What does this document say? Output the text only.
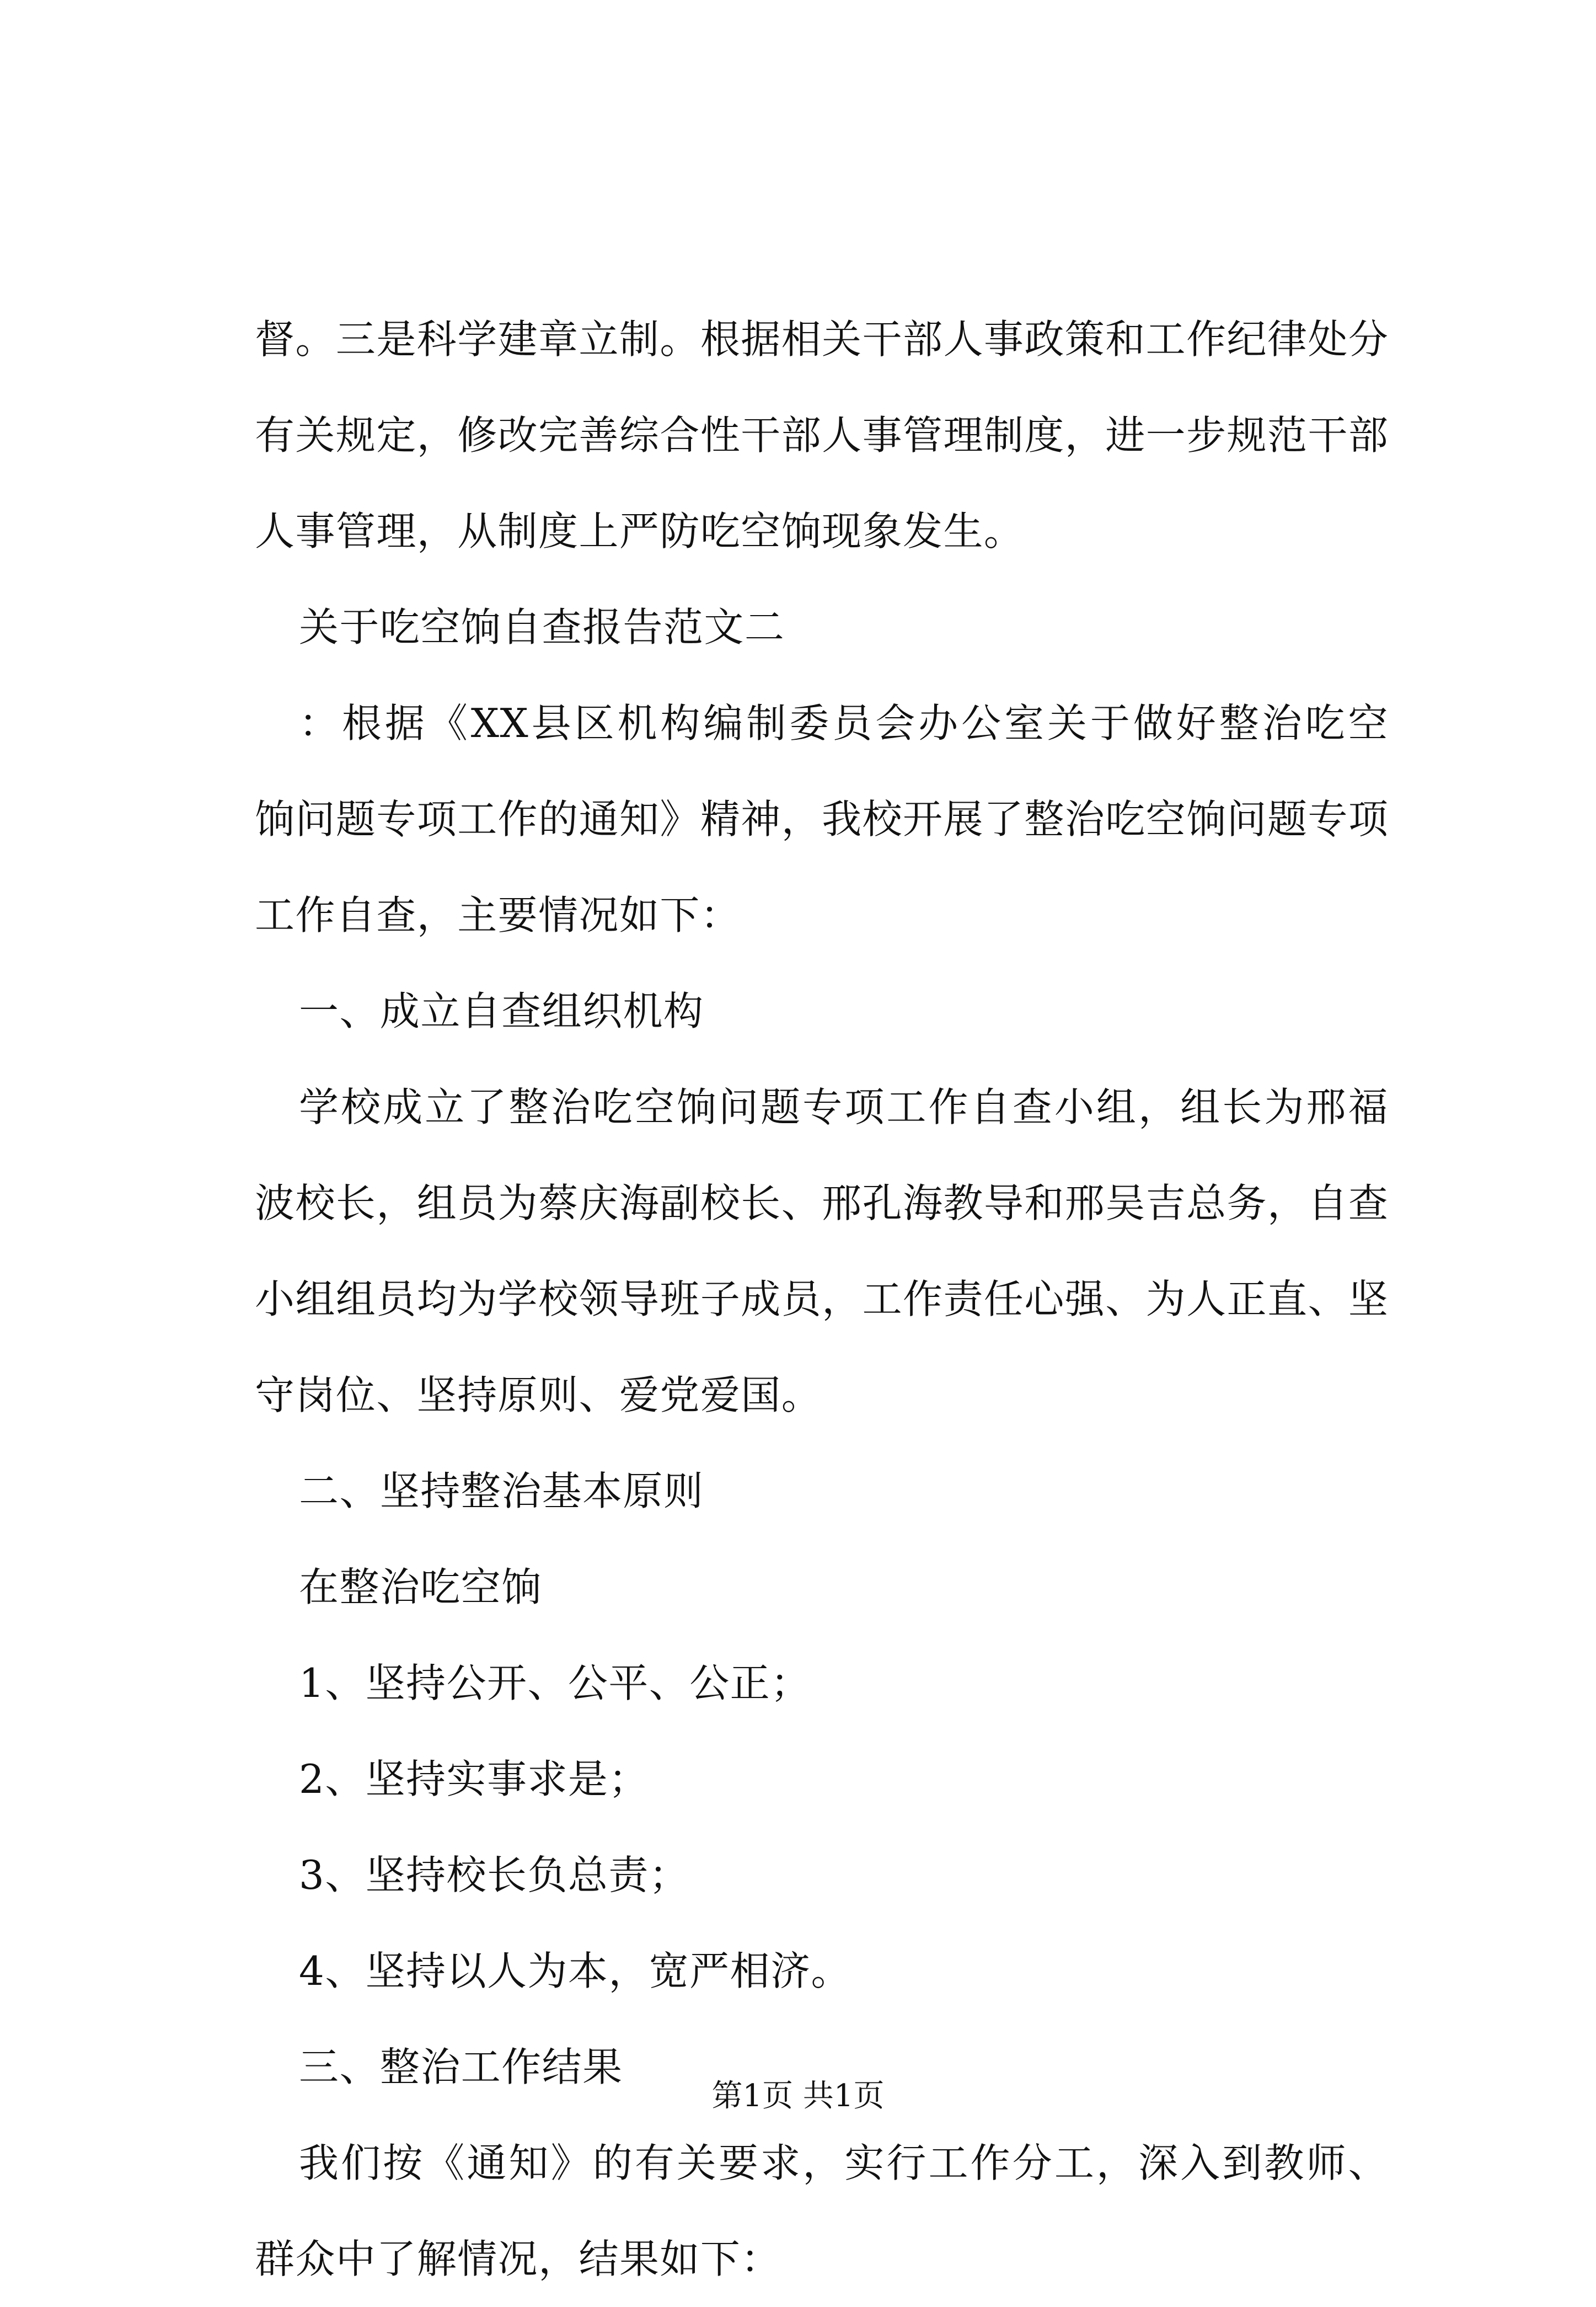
督。三是科学建章立制。根据相关干部人事政策和工作纪律处分
有关规定，修改完善综合性干部人事管理制度，进一步规范干部
人事管理，从制度上严防吃空饷现象发生。
关于吃空饷自查报告范文二
：根据《XX县区机构编制委员会办公室关于做好整治吃空
饷问题专项工作的通知》精神，我校开展了整治吃空饷问题专项
工作自查，主要情况如下：
一、成立自查组织机构
学校成立了整治吃空饷问题专项工作自查小组，组长为邢福
波校长，组员为蔡庆海副校长、邢孔海教导和邢吴吉总务，自查
小组组员均为学校领导班子成员，工作责任心强、为人正直、坚
守岗位、坚持原则、爱党爱国。
二、坚持整治基本原则
在整治吃空饷
1、坚持公开、公平、公正；
2、坚持实事求是；
3、坚持校长负总责；
4、坚持以人为本，宽严相济。
三、整治工作结果
我们按《通知》的有关要求，实行工作分工，深入到教师、
群众中了解情况，结果如下：
第1页 共1页
